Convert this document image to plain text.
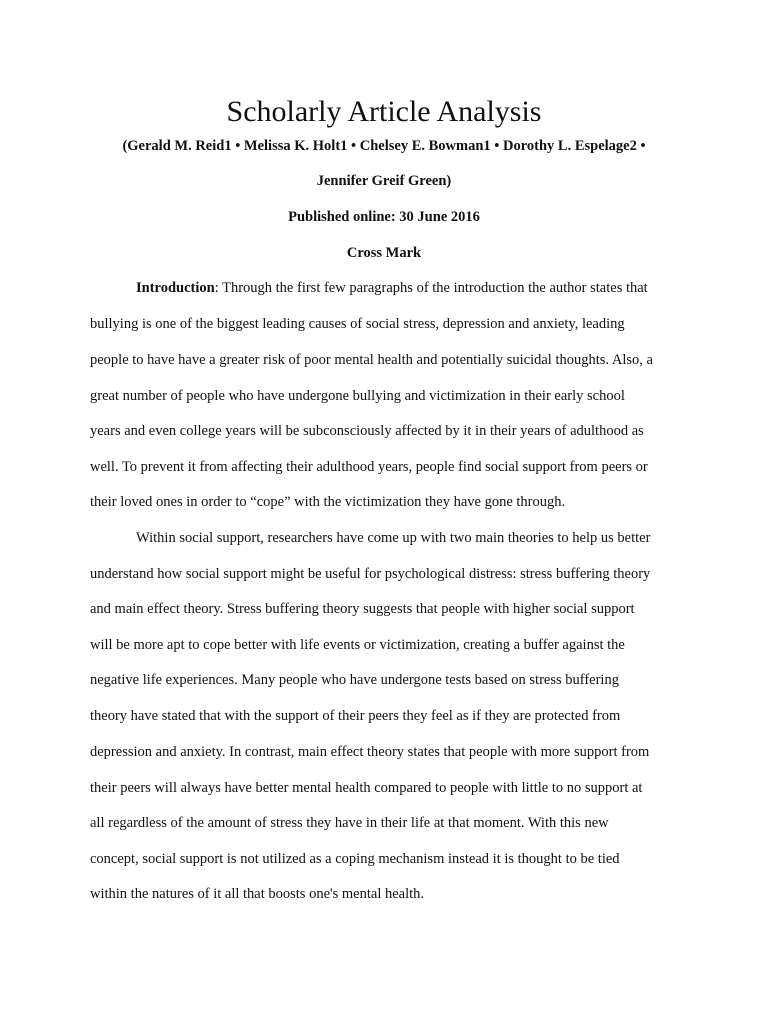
Scholarly Article Analysis

(Gerald M. Reid1 • Melissa K. Holt1 • Chelsey E. Bowman1 • Dorothy L. Espelage2 •

Jennifer Greif Green)

Published online: 30 June 2016

Cross Mark

Introduction: Through the first few paragraphs of the introduction the author states that

bullying is one of the biggest leading causes of social stress, depression and anxiety, leading

people to have have a greater risk of poor mental health and potentially suicidal thoughts. Also, a

great number of people who have undergone bullying and victimization in their early school

years and even college years will be subconsciously affected by it in their years of adulthood as

well. To prevent it from affecting their adulthood years, people find social support from peers or

their loved ones in order to “cope” with the victimization they have gone through.

Within social support, researchers have come up with two main theories to help us better

understand how social support might be useful for psychological distress: stress buffering theory

and main effect theory. Stress buffering theory suggests that people with higher social support

will be more apt to cope better with life events or victimization, creating a buffer against the

negative life experiences. Many people who have undergone tests based on stress buffering

theory have stated that with the support of their peers they feel as if they are protected from

depression and anxiety. In contrast, main effect theory states that people with more support from

their peers will always have better mental health compared to people with little to no support at

all regardless of the amount of stress they have in their life at that moment. With this new

concept, social support is not utilized as a coping mechanism instead it is thought to be tied

within the natures of it all that boosts one's mental health.
